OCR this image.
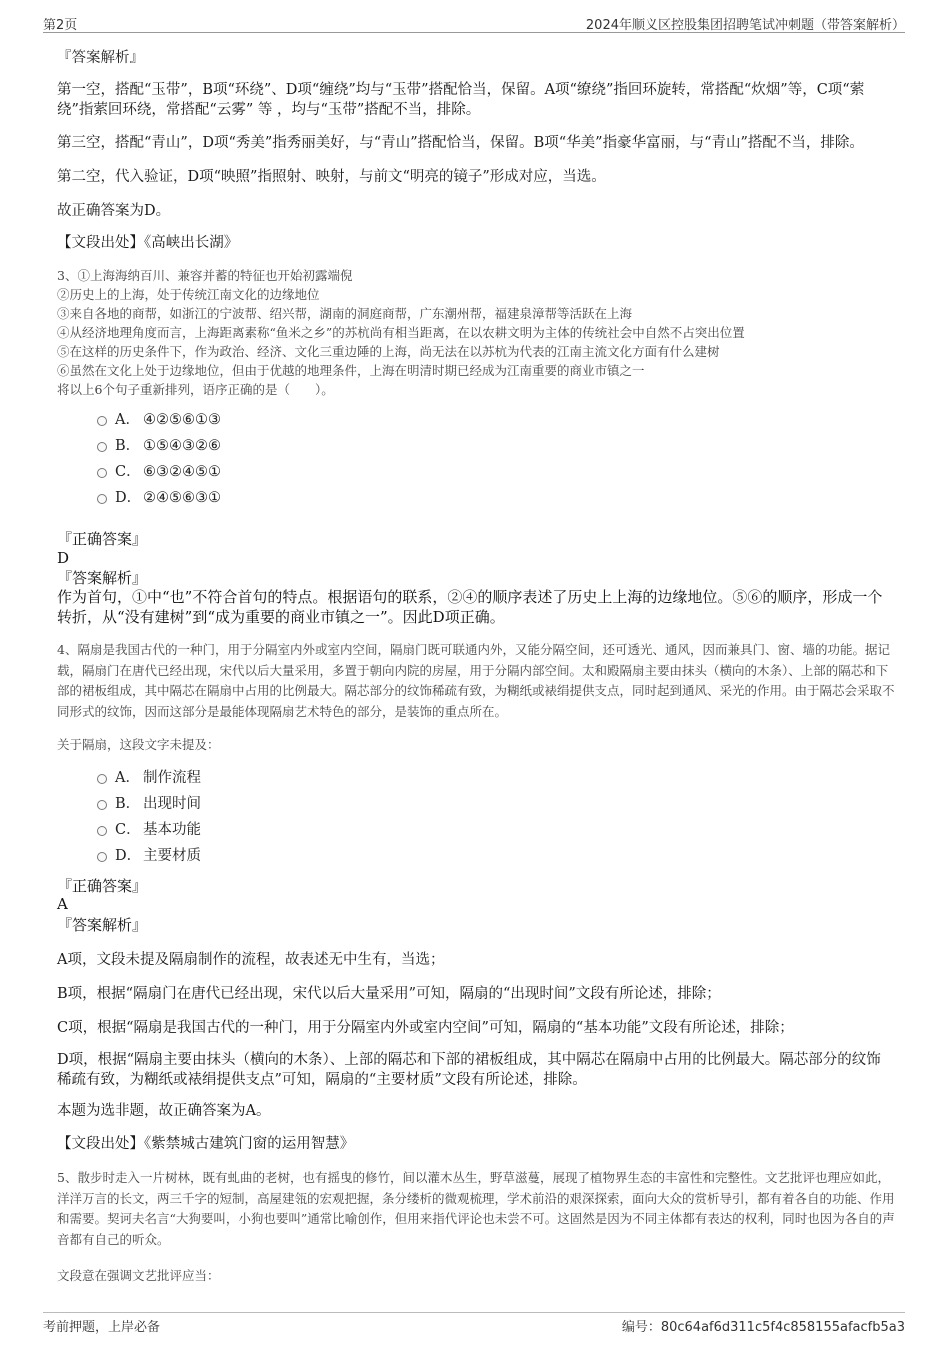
第2页	2024年顺义区控股集团招聘笔试冲刺题（带答案解析）
『答案解析』
第一空，搭配“玉带”，B项“环绕”、D项“缠绕”均与“玉带”搭配恰当，保留。A项“缭绕”指回环旋转，常搭配“炊烟”等，C项“萦绕”指萦回环绕，常搭配“云雾” 等 ，均与“玉带”搭配不当，排除。
第三空，搭配“青山”，D项“秀美”指秀丽美好，与“青山”搭配恰当，保留。B项“华美”指豪华富丽，与“青山”搭配不当，排除。
第二空，代入验证，D项“映照”指照射、映射，与前文“明亮的镜子”形成对应，当选。
故正确答案为D。
【文段出处】《高峡出长湖》
3、①上海海纳百川、兼容并蓄的特征也开始初露端倪
②历史上的上海，处于传统江南文化的边缘地位
③来自各地的商帮，如浙江的宁波帮、绍兴帮，湖南的洞庭商帮，广东潮州帮，福建泉漳帮等活跃在上海
④从经济地理角度而言，上海距离素称“鱼米之乡”的苏杭尚有相当距离，在以农耕文明为主体的传统社会中自然不占突出位置
⑤在这样的历史条件下，作为政治、经济、文化三重边陲的上海，尚无法在以苏杭为代表的江南主流文化方面有什么建树
⑥虽然在文化上处于边缘地位，但由于优越的地理条件，上海在明清时期已经成为江南重要的商业市镇之一
将以上6个句子重新排列，语序正确的是（　　）。
A． ④②⑤⑥①③
B． ①⑤④③②⑥
C． ⑥③②④⑤①
D． ②④⑤⑥③①
『正确答案』
D
『答案解析』
作为首句，①中“也”不符合首句的特点。根据语句的联系，②④的顺序表述了历史上上海的边缘地位。⑤⑥的顺序，形成一个转折，从“没有建树”到“成为重要的商业市镇之一”。因此D项正确。
4、隔扇是我国古代的一种门，用于分隔室内外或室内空间，隔扇门既可联通内外，又能分隔空间，还可透光、通风，因而兼具门、窗、墙的功能。据记载，隔扇门在唐代已经出现，宋代以后大量采用，多置于朝向内院的房屋，用于分隔内部空间。太和殿隔扇主要由抹头（横向的木条）、上部的隔芯和下部的裙板组成，其中隔芯在隔扇中占用的比例最大。隔芯部分的纹饰稀疏有致，为糊纸或裱绢提供支点，同时起到通风、采光的作用。由于隔芯会采取不同形式的纹饰，因而这部分是最能体现隔扇艺术特色的部分，是装饰的重点所在。
关于隔扇，这段文字未提及：
A． 制作流程
B． 出现时间
C． 基本功能
D． 主要材质
『正确答案』
A
『答案解析』
A项，文段未提及隔扇制作的流程，故表述无中生有，当选；
B项，根据“隔扇门在唐代已经出现，宋代以后大量采用”可知，隔扇的“出现时间”文段有所论述，排除；
C项，根据“隔扇是我国古代的一种门，用于分隔室内外或室内空间”可知，隔扇的“基本功能”文段有所论述，排除；
D项，根据“隔扇主要由抹头（横向的木条）、上部的隔芯和下部的裙板组成，其中隔芯在隔扇中占用的比例最大。隔芯部分的纹饰稀疏有致，为糊纸或裱绢提供支点”可知，隔扇的“主要材质”文段有所论述，排除。
本题为选非题，故正确答案为A。
【文段出处】《紫禁城古建筑门窗的运用智慧》
5、散步时走入一片树林，既有虬曲的老树，也有摇曳的修竹，间以灌木丛生，野草滋蔓，展现了植物界生态的丰富性和完整性。文艺批评也理应如此，洋洋万言的长文，两三千字的短制，高屋建瓴的宏观把握，条分缕析的微观梳理，学术前沿的艰深探索，面向大众的赏析导引，都有着各自的功能、作用和需要。契诃夫名言“大狗要叫，小狗也要叫”通常比喻创作，但用来指代评论也未尝不可。这固然是因为不同主体都有表达的权利，同时也因为各自的声音都有自己的听众。
文段意在强调文艺批评应当：
考前押题，上岸必备	编号：80c64af6d311c5f4c858155afacfb5a3
